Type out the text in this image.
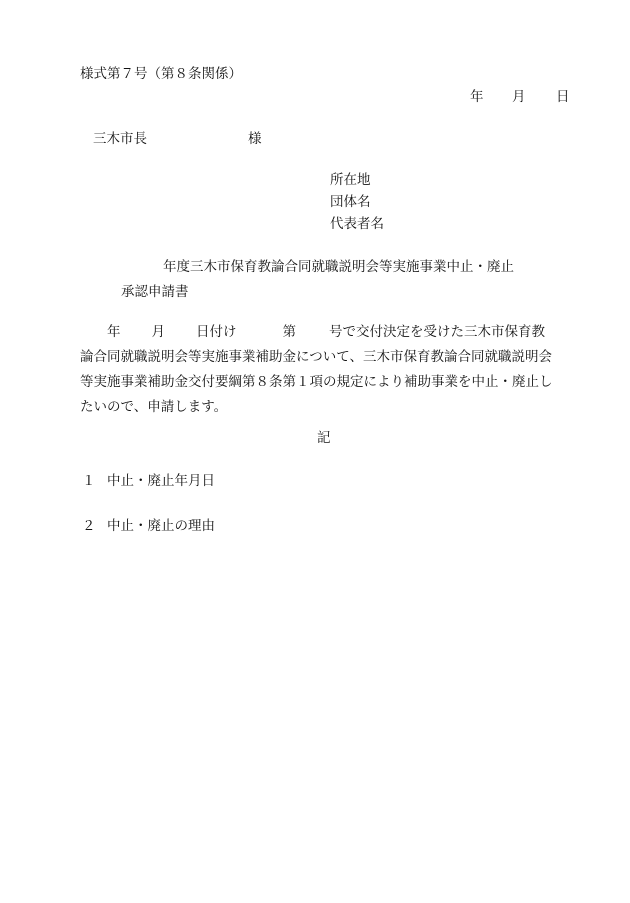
様式第７号（第８条関係）
年 月 日
三木市長	様
所在地
団体名
代表者名
年度三木市保育教論合同就職説明会等実施事業中止・廃止
承認申請書
年 月 日付け	第 号で交付決定を受けた三木市保育教
論合同就職説明会等実施事業補助金について、三木市保育教論合同就職説明会
等実施事業補助金交付要綱第８条第１項の規定により補助事業を中止・廃止し
たいので、申請します。
記
１ 中止・廃止年月日
２ 中止・廃止の理由
